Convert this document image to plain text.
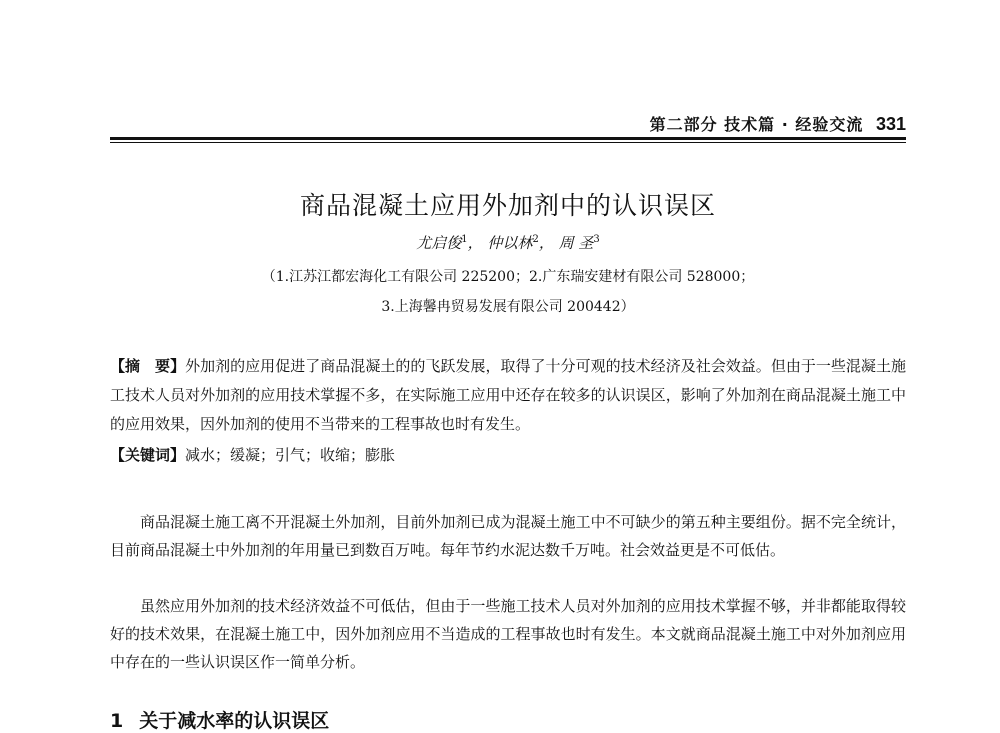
第二部分 技术篇 · 经验交流 331
商品混凝土应用外加剂中的认识误区
尤启俊$^1$， 仲以林$^2$， 周 圣$^3$
（1.江苏江都宏海化工有限公司 225200；2.广东瑞安建材有限公司 528000；
3.上海馨冉贸易发展有限公司 200442）
【摘　要】外加剂的应用促进了商品混凝土的的飞跃发展，取得了十分可观的技术经济及社会效益。但由于一些混凝土施工技术人员对外加剂的应用技术掌握不多，在实际施工应用中还存在较多的认识误区，影响了外加剂在商品混凝土施工中的应用效果，因外加剂的使用不当带来的工程事故也时有发生。
【关键词】减水；缓凝；引气；收缩；膨胀

商品混凝土施工离不开混凝土外加剂，目前外加剂已成为混凝土施工中不可缺少的第五种主要组份。据不完全统计，目前商品混凝土中外加剂的年用量已到数百万吨。每年节约水泥达数千万吨。社会效益更是不可低估。

虽然应用外加剂的技术经济效益不可低估，但由于一些施工技术人员对外加剂的应用技术掌握不够，并非都能取得较好的技术效果，在混凝土施工中，因外加剂应用不当造成的工程事故也时有发生。本文就商品混凝土施工中对外加剂应用中存在的一些认识误区作一简单分析。

1 关于减水率的认识误区
